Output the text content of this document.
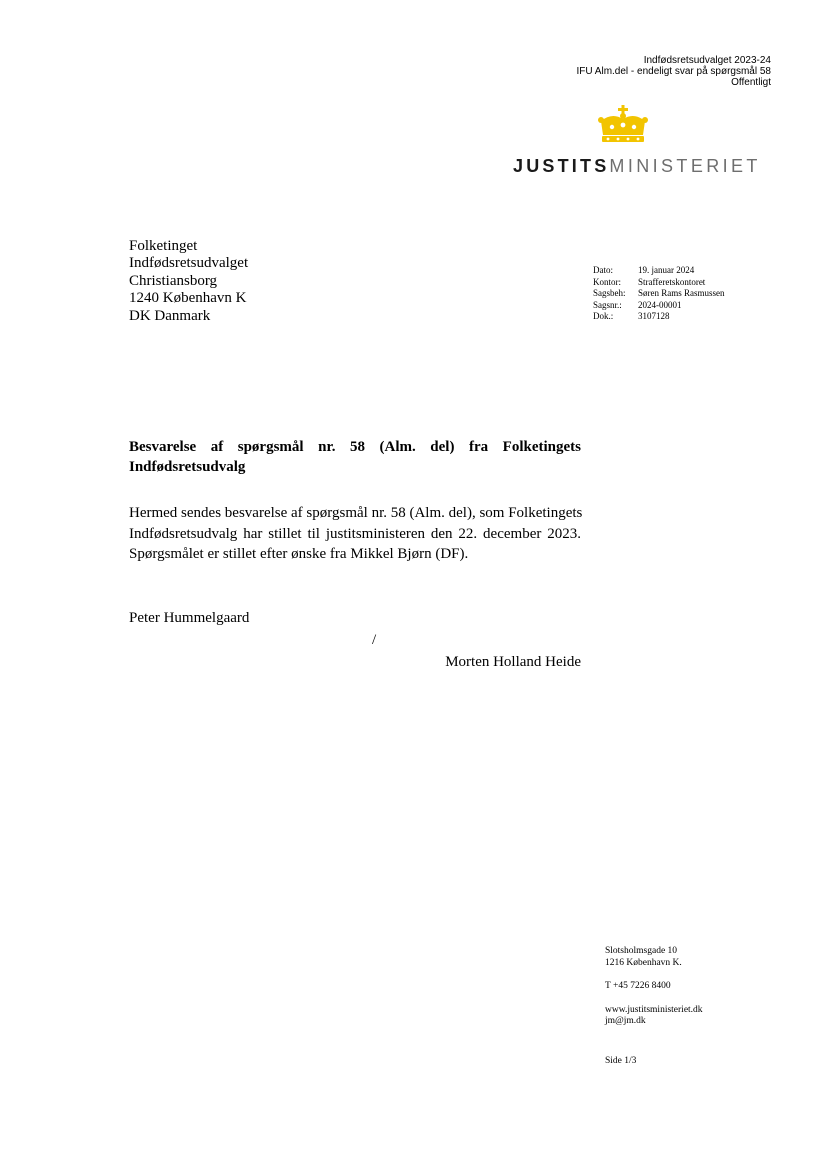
Indfødsretsudvalget 2023-24
IFU Alm.del - endeligt svar på spørgsmål 58
Offentligt
JUSTITSMINISTERIET
Folketinget
Indfødsretsudvalget
Christiansborg
1240 København K
DK Danmark
Dato:	19. januar 2024
Kontor:	Strafferetskontoret
Sagsbeh:	Søren Rams Rasmussen
Sagsnr.:	2024-00001
Dok.:	3107128
Besvarelse af spørgsmål nr. 58 (Alm. del) fra Folketingets
Indfødsretsudvalg
Hermed sendes besvarelse af spørgsmål nr. 58 (Alm. del), som Folketingets
Indfødsretsudvalg har stillet til justitsministeren den 22. december 2023.
Spørgsmålet er stillet efter ønske fra Mikkel Bjørn (DF).
Peter Hummelgaard
/
Morten Holland Heide
Slotsholmsgade 10
1216 København K.
T +45 7226 8400
www.justitsministeriet.dk
jm@jm.dk
Side 1/3
